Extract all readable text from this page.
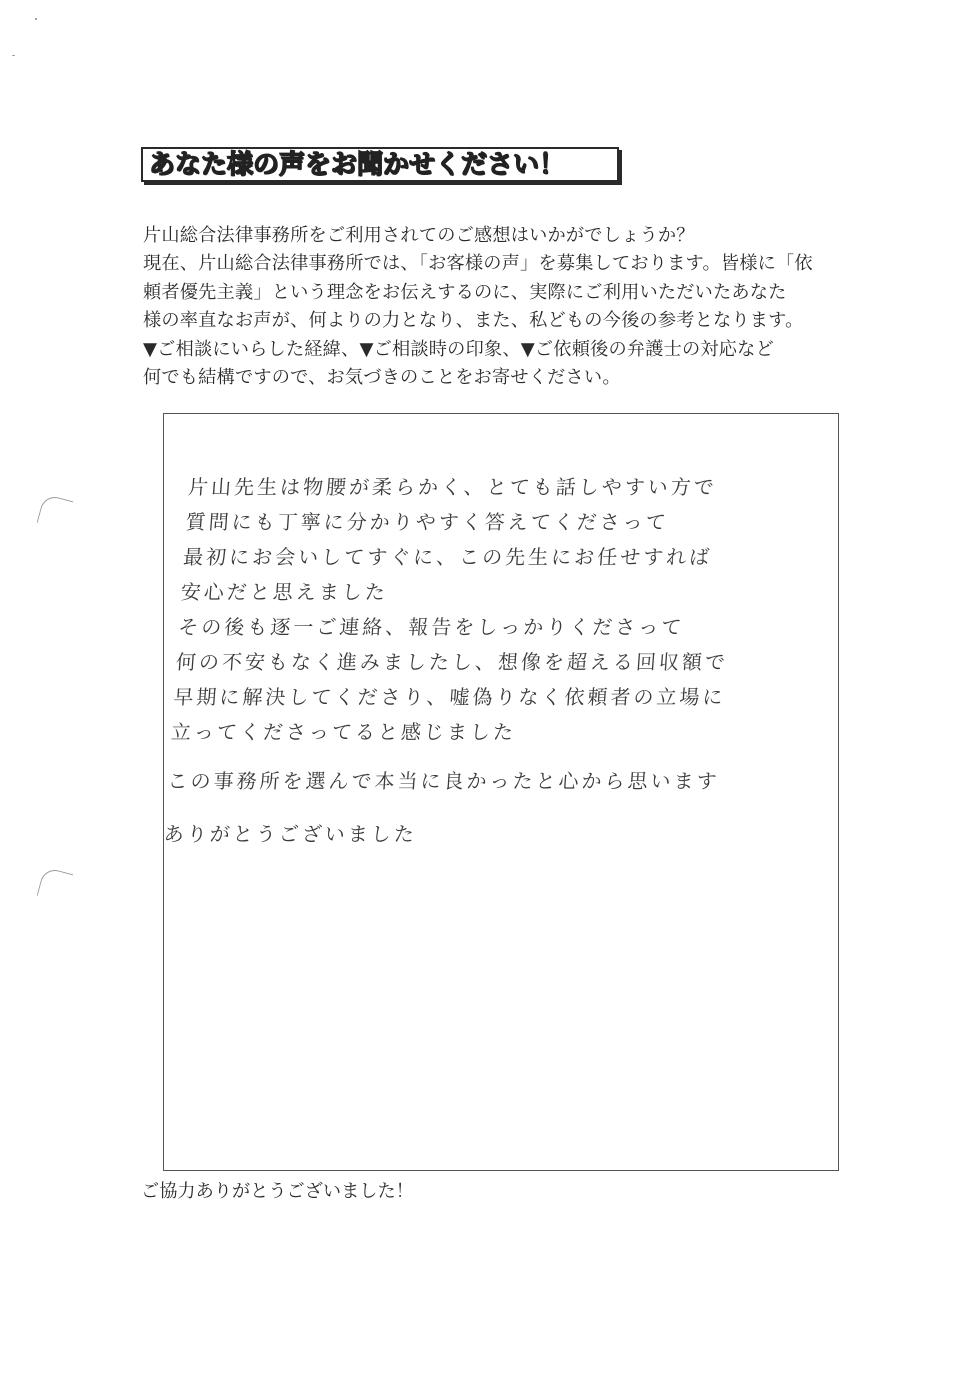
あなた様の声をお聞かせください！
片山総合法律事務所をご利用されてのご感想はいかがでしょうか？
現在、片山総合法律事務所では、「お客様の声」を募集しております。皆様に「依
頼者優先主義」という理念をお伝えするのに、実際にご利用いただいたあなた
様の率直なお声が、何よりの力となり、また、私どもの今後の参考となります。
▼ご相談にいらした経緯、▼ご相談時の印象、▼ご依頼後の弁護士の対応など
何でも結構ですので、お気づきのことをお寄せください。
片山先生は物腰が柔らかく、とても話しやすい方で
質問にも丁寧に分かりやすく答えてくださって
最初にお会いしてすぐに、この先生にお任せすれば
安心だと思えました
その後も逐一ご連絡、報告をしっかりくださって
何の不安もなく進みましたし、想像を超える回収額で
早期に解決してくださり、嘘偽りなく依頼者の立場に
立ってくださってると感じました
この事務所を選んで本当に良かったと心から思います
ありがとうございました
ご協力ありがとうございました！
